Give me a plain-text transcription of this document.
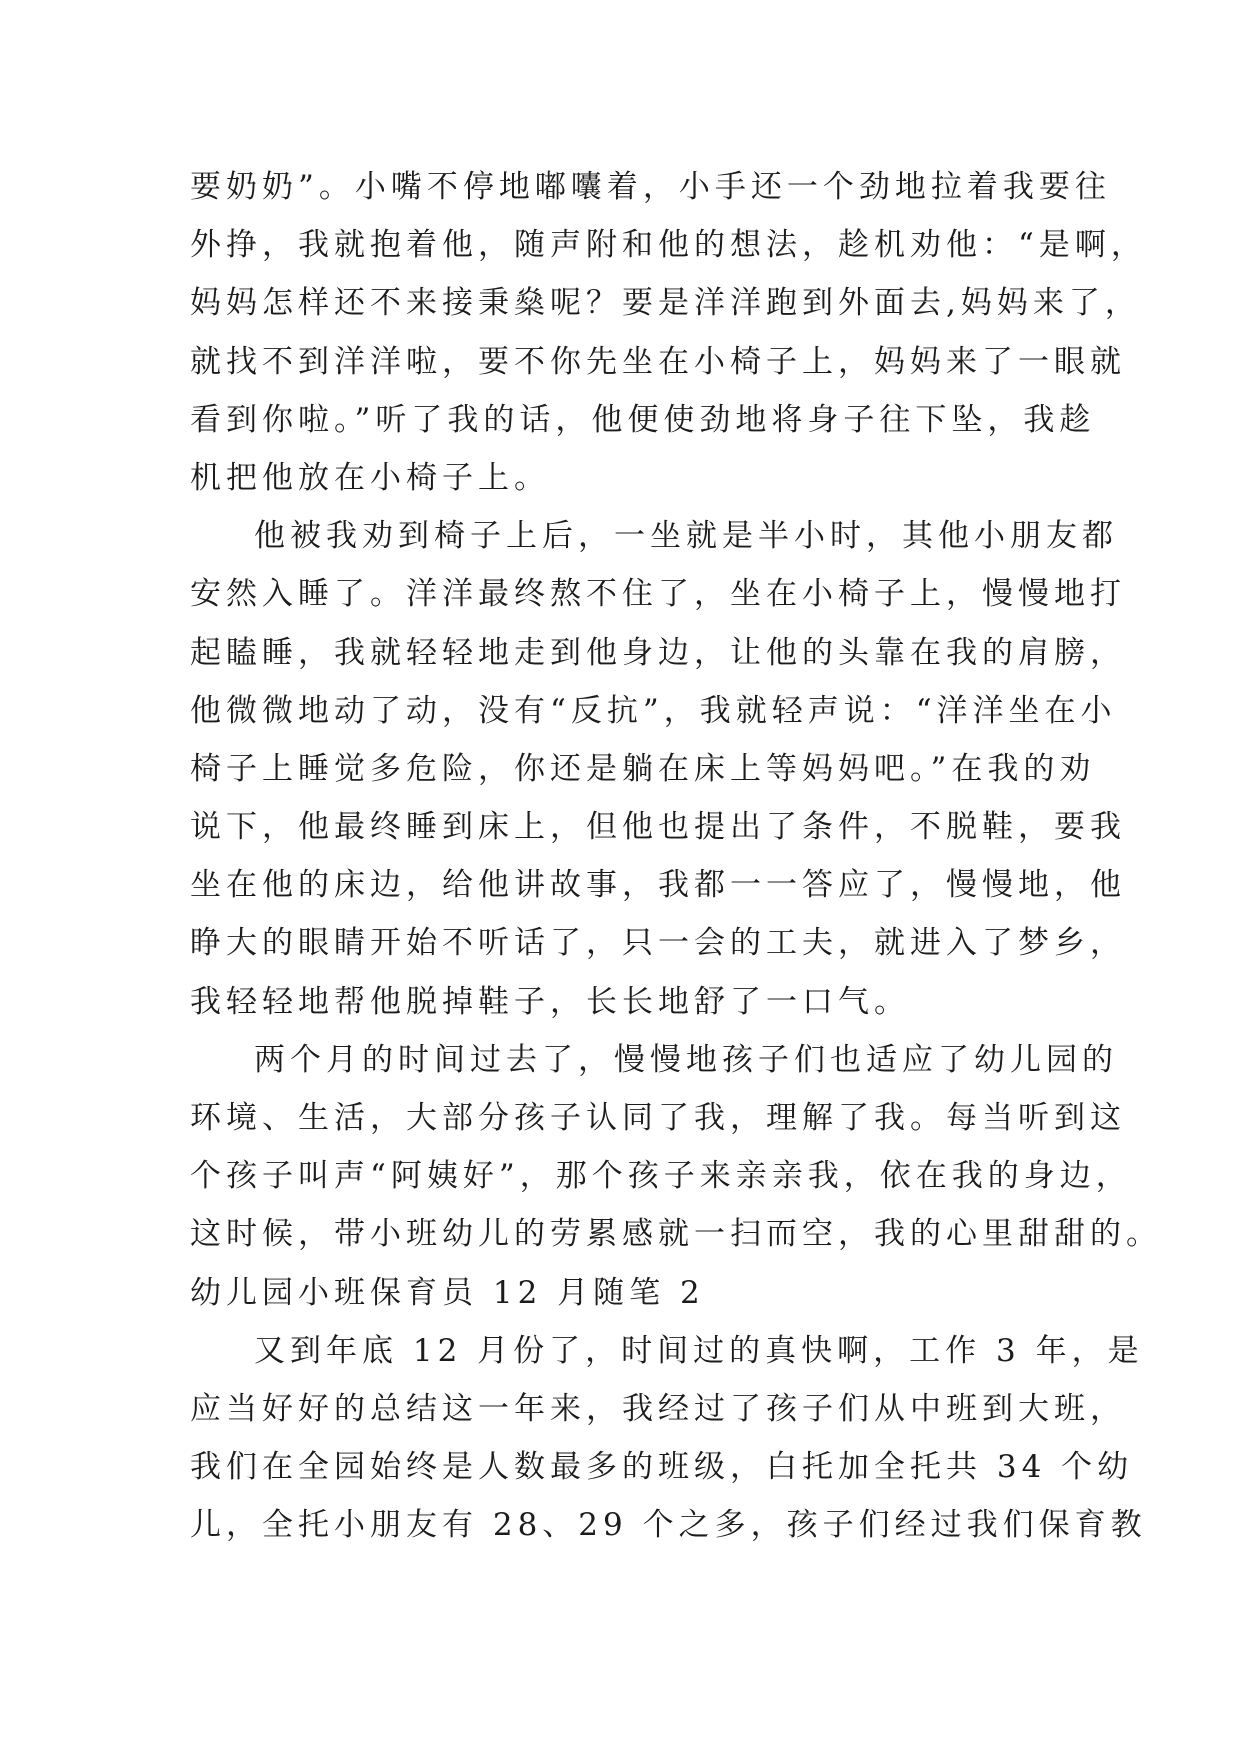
要奶奶”。小嘴不停地嘟囔着，小手还一个劲地拉着我要往
外挣，我就抱着他，随声附和他的想法，趁机劝他：“是啊，
妈妈怎样还不来接秉燊呢？要是洋洋跑到外面去,妈妈来了，
就找不到洋洋啦，要不你先坐在小椅子上，妈妈来了一眼就
看到你啦。”听了我的话，他便使劲地将身子往下坠，我趁
机把他放在小椅子上。
他被我劝到椅子上后，一坐就是半小时，其他小朋友都
安然入睡了。洋洋最终熬不住了，坐在小椅子上，慢慢地打
起瞌睡，我就轻轻地走到他身边，让他的头靠在我的肩膀，
他微微地动了动，没有“反抗”，我就轻声说：“洋洋坐在小
椅子上睡觉多危险，你还是躺在床上等妈妈吧。”在我的劝
说下，他最终睡到床上，但他也提出了条件，不脱鞋，要我
坐在他的床边，给他讲故事，我都一一答应了，慢慢地，他
睁大的眼睛开始不听话了，只一会的工夫，就进入了梦乡，
我轻轻地帮他脱掉鞋子，长长地舒了一口气。
两个月的时间过去了，慢慢地孩子们也适应了幼儿园的
环境、生活，大部分孩子认同了我，理解了我。每当听到这
个孩子叫声“阿姨好”，那个孩子来亲亲我，依在我的身边，
这时候，带小班幼儿的劳累感就一扫而空，我的心里甜甜的。
幼儿园小班保育员 12 月随笔 2
又到年底 12 月份了，时间过的真快啊，工作 3 年，是
应当好好的总结这一年来，我经过了孩子们从中班到大班，
我们在全园始终是人数最多的班级，白托加全托共 34 个幼
儿，全托小朋友有 28、29 个之多，孩子们经过我们保育教
